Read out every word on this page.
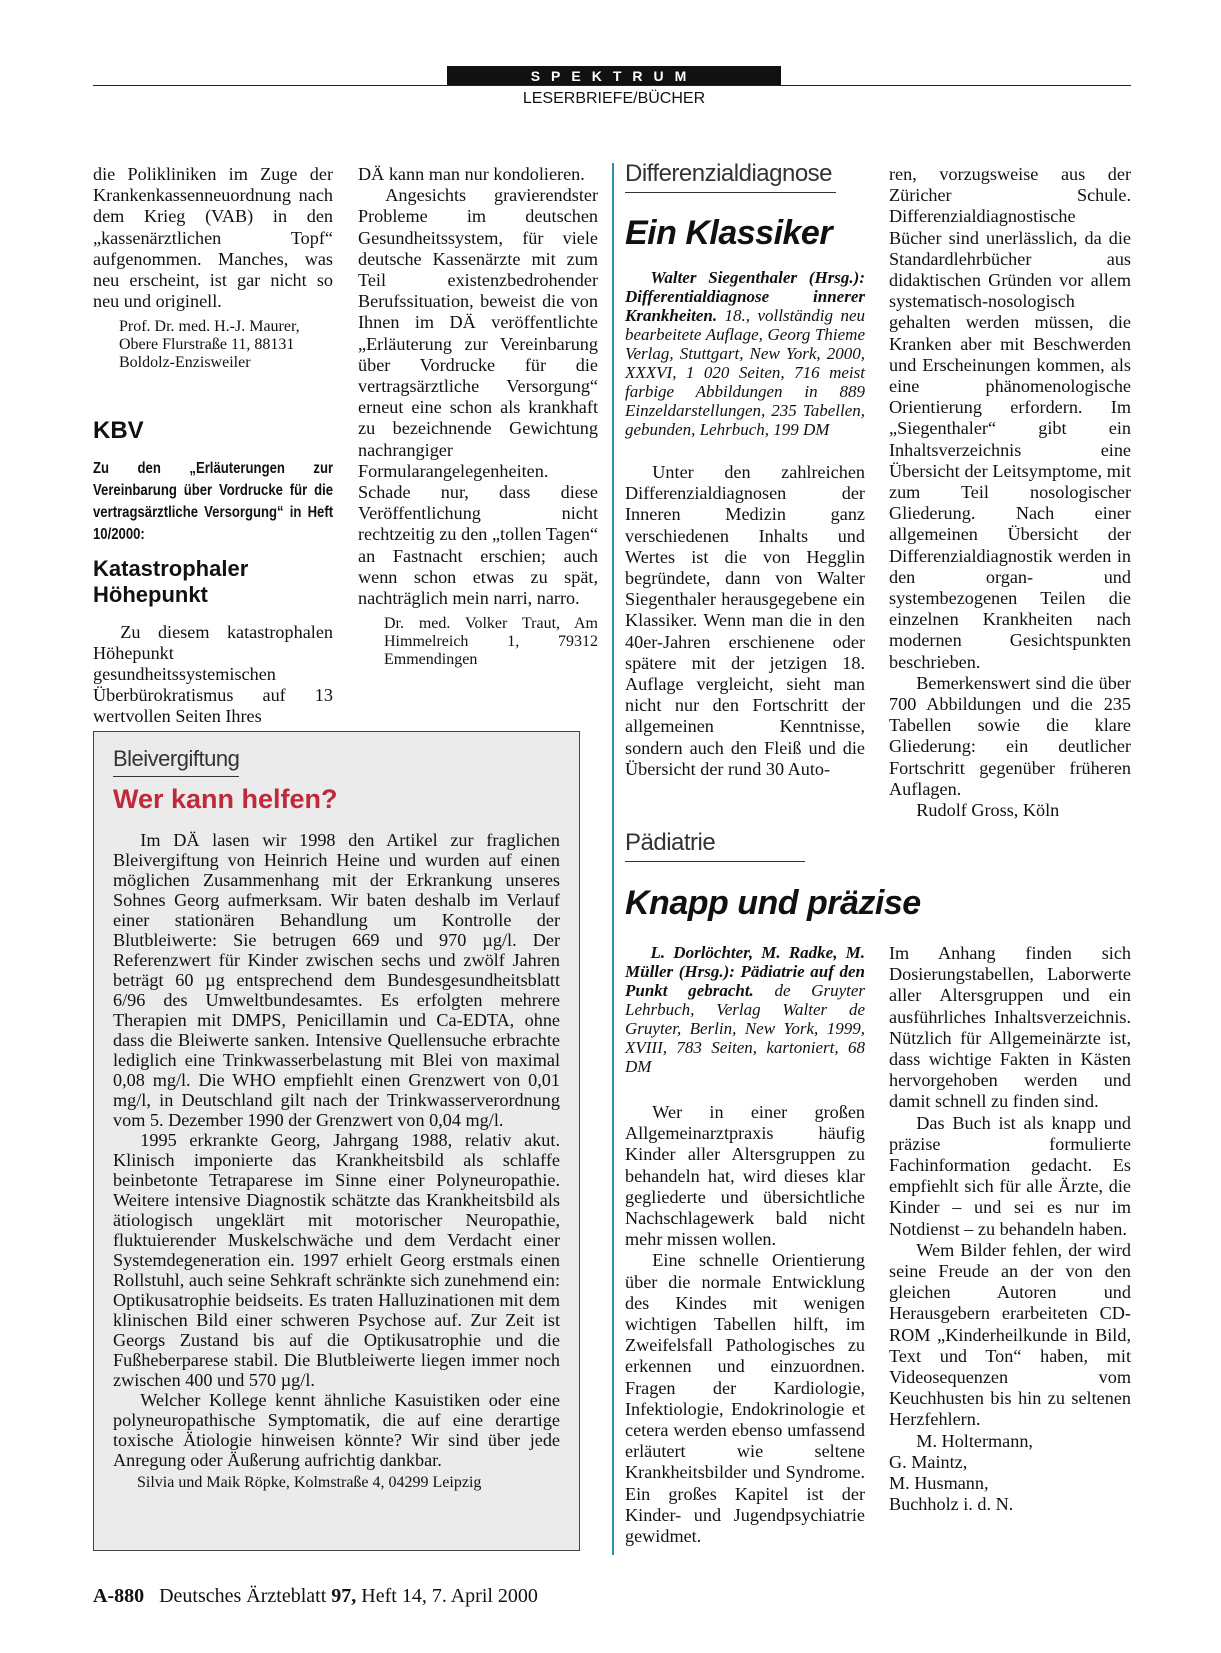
SPEKTRUM
LESERBRIEFE/BÜCHER

die Polikliniken im Zuge der Krankenkassenneuordnung nach dem Krieg (VAB) in den „kassenärztlichen Topf“ aufgenommen. Manches, was neu erscheint, ist gar nicht so neu und originell.

Prof. Dr. med. H.-J. Maurer,
Obere Flurstraße 11, 88131
Boldolz-Enzisweiler

KBV
Zu den „Erläuterungen zur Vereinbarung über Vordrucke für die vertragsärztliche Versorgung“ in Heft 10/2000:
Katastrophaler Höhepunkt

Zu diesem katastrophalen Höhepunkt gesundheitssystemischen Überbürokratismus auf 13 wertvollen Seiten Ihres

DÄ kann man nur kondolieren.

Angesichts gravierendster Probleme im deutschen Gesundheitssystem, für viele deutsche Kassenärzte mit zum Teil existenzbedrohender Berufssituation, beweist die von Ihnen im DÄ veröffentlichte „Erläuterung zur Vereinbarung über Vordrucke für die vertragsärztliche Versorgung“ erneut eine schon als krankhaft zu bezeichnende Gewichtung nachrangiger Formularangelegenheiten. Schade nur, dass diese Veröffentlichung nicht rechtzeitig zu den „tollen Tagen“ an Fastnacht erschien; auch wenn schon etwas zu spät, nachträglich mein narri, narro.

Dr. med. Volker Traut, Am Himmelreich 1, 79312 Emmendingen

Bleivergiftung
Wer kann helfen?

Im DÄ lasen wir 1998 den Artikel zur fraglichen Bleivergiftung von Heinrich Heine und wurden auf einen möglichen Zusammenhang mit der Erkrankung unseres Sohnes Georg aufmerksam. Wir baten deshalb im Verlauf einer stationären Behandlung um Kontrolle der Blutbleiwerte: Sie betrugen 669 und 970 µg/l. Der Referenzwert für Kinder zwischen sechs und zwölf Jahren beträgt 60 µg entsprechend dem Bundesgesundheitsblatt 6/96 des Umweltbundesamtes. Es erfolgten mehrere Therapien mit DMPS, Penicillamin und Ca-EDTA, ohne dass die Bleiwerte sanken. Intensive Quellensuche erbrachte lediglich eine Trinkwasserbelastung mit Blei von maximal 0,08 mg/l. Die WHO empfiehlt einen Grenzwert von 0,01 mg/l, in Deutschland gilt nach der Trinkwasserverordnung vom 5. Dezember 1990 der Grenzwert von 0,04 mg/l.

1995 erkrankte Georg, Jahrgang 1988, relativ akut. Klinisch imponierte das Krankheitsbild als schlaffe beinbetonte Tetraparese im Sinne einer Polyneuropathie. Weitere intensive Diagnostik schätzte das Krankheitsbild als ätiologisch ungeklärt mit motorischer Neuropathie, fluktuierender Muskelschwäche und dem Verdacht einer Systemdegeneration ein. 1997 erhielt Georg erstmals einen Rollstuhl, auch seine Sehkraft schränkte sich zunehmend ein: Optikusatrophie beidseits. Es traten Halluzinationen mit dem klinischen Bild einer schweren Psychose auf. Zur Zeit ist Georgs Zustand bis auf die Optikusatrophie und die Fußheberparese stabil. Die Blutbleiwerte liegen immer noch zwischen 400 und 570 µg/l.

Welcher Kollege kennt ähnliche Kasuistiken oder eine polyneuropathische Symptomatik, die auf eine derartige toxische Ätiologie hinweisen könnte? Wir sind über jede Anregung oder Äußerung aufrichtig dankbar.

Silvia und Maik Röpke, Kolmstraße 4, 04299 Leipzig

Differenzialdiagnose
Ein Klassiker

Walter Siegenthaler (Hrsg.): Differentialdiagnose innerer Krankheiten. 18., vollständig neu bearbeitete Auflage, Georg Thieme Verlag, Stuttgart, New York, 2000, XXXVI, 1 020 Seiten, 716 meist farbige Abbildungen in 889 Einzeldarstellungen, 235 Tabellen, gebunden, Lehrbuch, 199 DM

Unter den zahlreichen Differenzialdiagnosen der Inneren Medizin ganz verschiedenen Inhalts und Wertes ist die von Hegglin begründete, dann von Walter Siegenthaler herausgegebene ein Klassiker. Wenn man die in den 40er-Jahren erschienene oder spätere mit der jetzigen 18. Auflage vergleicht, sieht man nicht nur den Fortschritt der allgemeinen Kenntnisse, sondern auch den Fleiß und die Übersicht der rund 30 Auto-

ren, vorzugsweise aus der Züricher Schule. Differenzialdiagnostische Bücher sind unerlässlich, da die Standardlehrbücher aus didaktischen Gründen vor allem systematisch-nosologisch gehalten werden müssen, die Kranken aber mit Beschwerden und Erscheinungen kommen, als eine phänomenologische Orientierung erfordern. Im „Siegenthaler“ gibt ein Inhaltsverzeichnis eine Übersicht der Leitsymptome, mit zum Teil nosologischer Gliederung. Nach einer allgemeinen Übersicht der Differenzialdiagnostik werden in den organ- und systembezogenen Teilen die einzelnen Krankheiten nach modernen Gesichtspunkten beschrieben.

Bemerkenswert sind die über 700 Abbildungen und die 235 Tabellen sowie die klare Gliederung: ein deutlicher Fortschritt gegenüber früheren Auflagen.

Rudolf Gross, Köln

Pädiatrie
Knapp und präzise

L. Dorlöchter, M. Radke, M. Müller (Hrsg.): Pädiatrie auf den Punkt gebracht. de Gruyter Lehrbuch, Verlag Walter de Gruyter, Berlin, New York, 1999, XVIII, 783 Seiten, kartoniert, 68 DM

Wer in einer großen Allgemeinarztpraxis häufig Kinder aller Altersgruppen zu behandeln hat, wird dieses klar gegliederte und übersichtliche Nachschlagewerk bald nicht mehr missen wollen.

Eine schnelle Orientierung über die normale Entwicklung des Kindes mit wenigen wichtigen Tabellen hilft, im Zweifelsfall Pathologisches zu erkennen und einzuordnen. Fragen der Kardiologie, Infektiologie, Endokrinologie et cetera werden ebenso umfassend erläutert wie seltene Krankheitsbilder und Syndrome. Ein großes Kapitel ist der Kinder- und Jugendpsychiatrie gewidmet.

Im Anhang finden sich Dosierungstabellen, Laborwerte aller Altersgruppen und ein ausführliches Inhaltsverzeichnis. Nützlich für Allgemeinärzte ist, dass wichtige Fakten in Kästen hervorgehoben werden und damit schnell zu finden sind.

Das Buch ist als knapp und präzise formulierte Fachinformation gedacht. Es empfiehlt sich für alle Ärzte, die Kinder – und sei es nur im Notdienst – zu behandeln haben.

Wem Bilder fehlen, der wird seine Freude an der von den gleichen Autoren und Herausgebern erarbeiteten CD-ROM „Kinderheilkunde in Bild, Text und Ton“ haben, mit Videosequenzen vom Keuchhusten bis hin zu seltenen Herzfehlern.

M. Holtermann,
G. Maintz,
M. Husmann,
Buchholz i. d. N.

A-880 Deutsches Ärzteblatt 97, Heft 14, 7. April 2000
